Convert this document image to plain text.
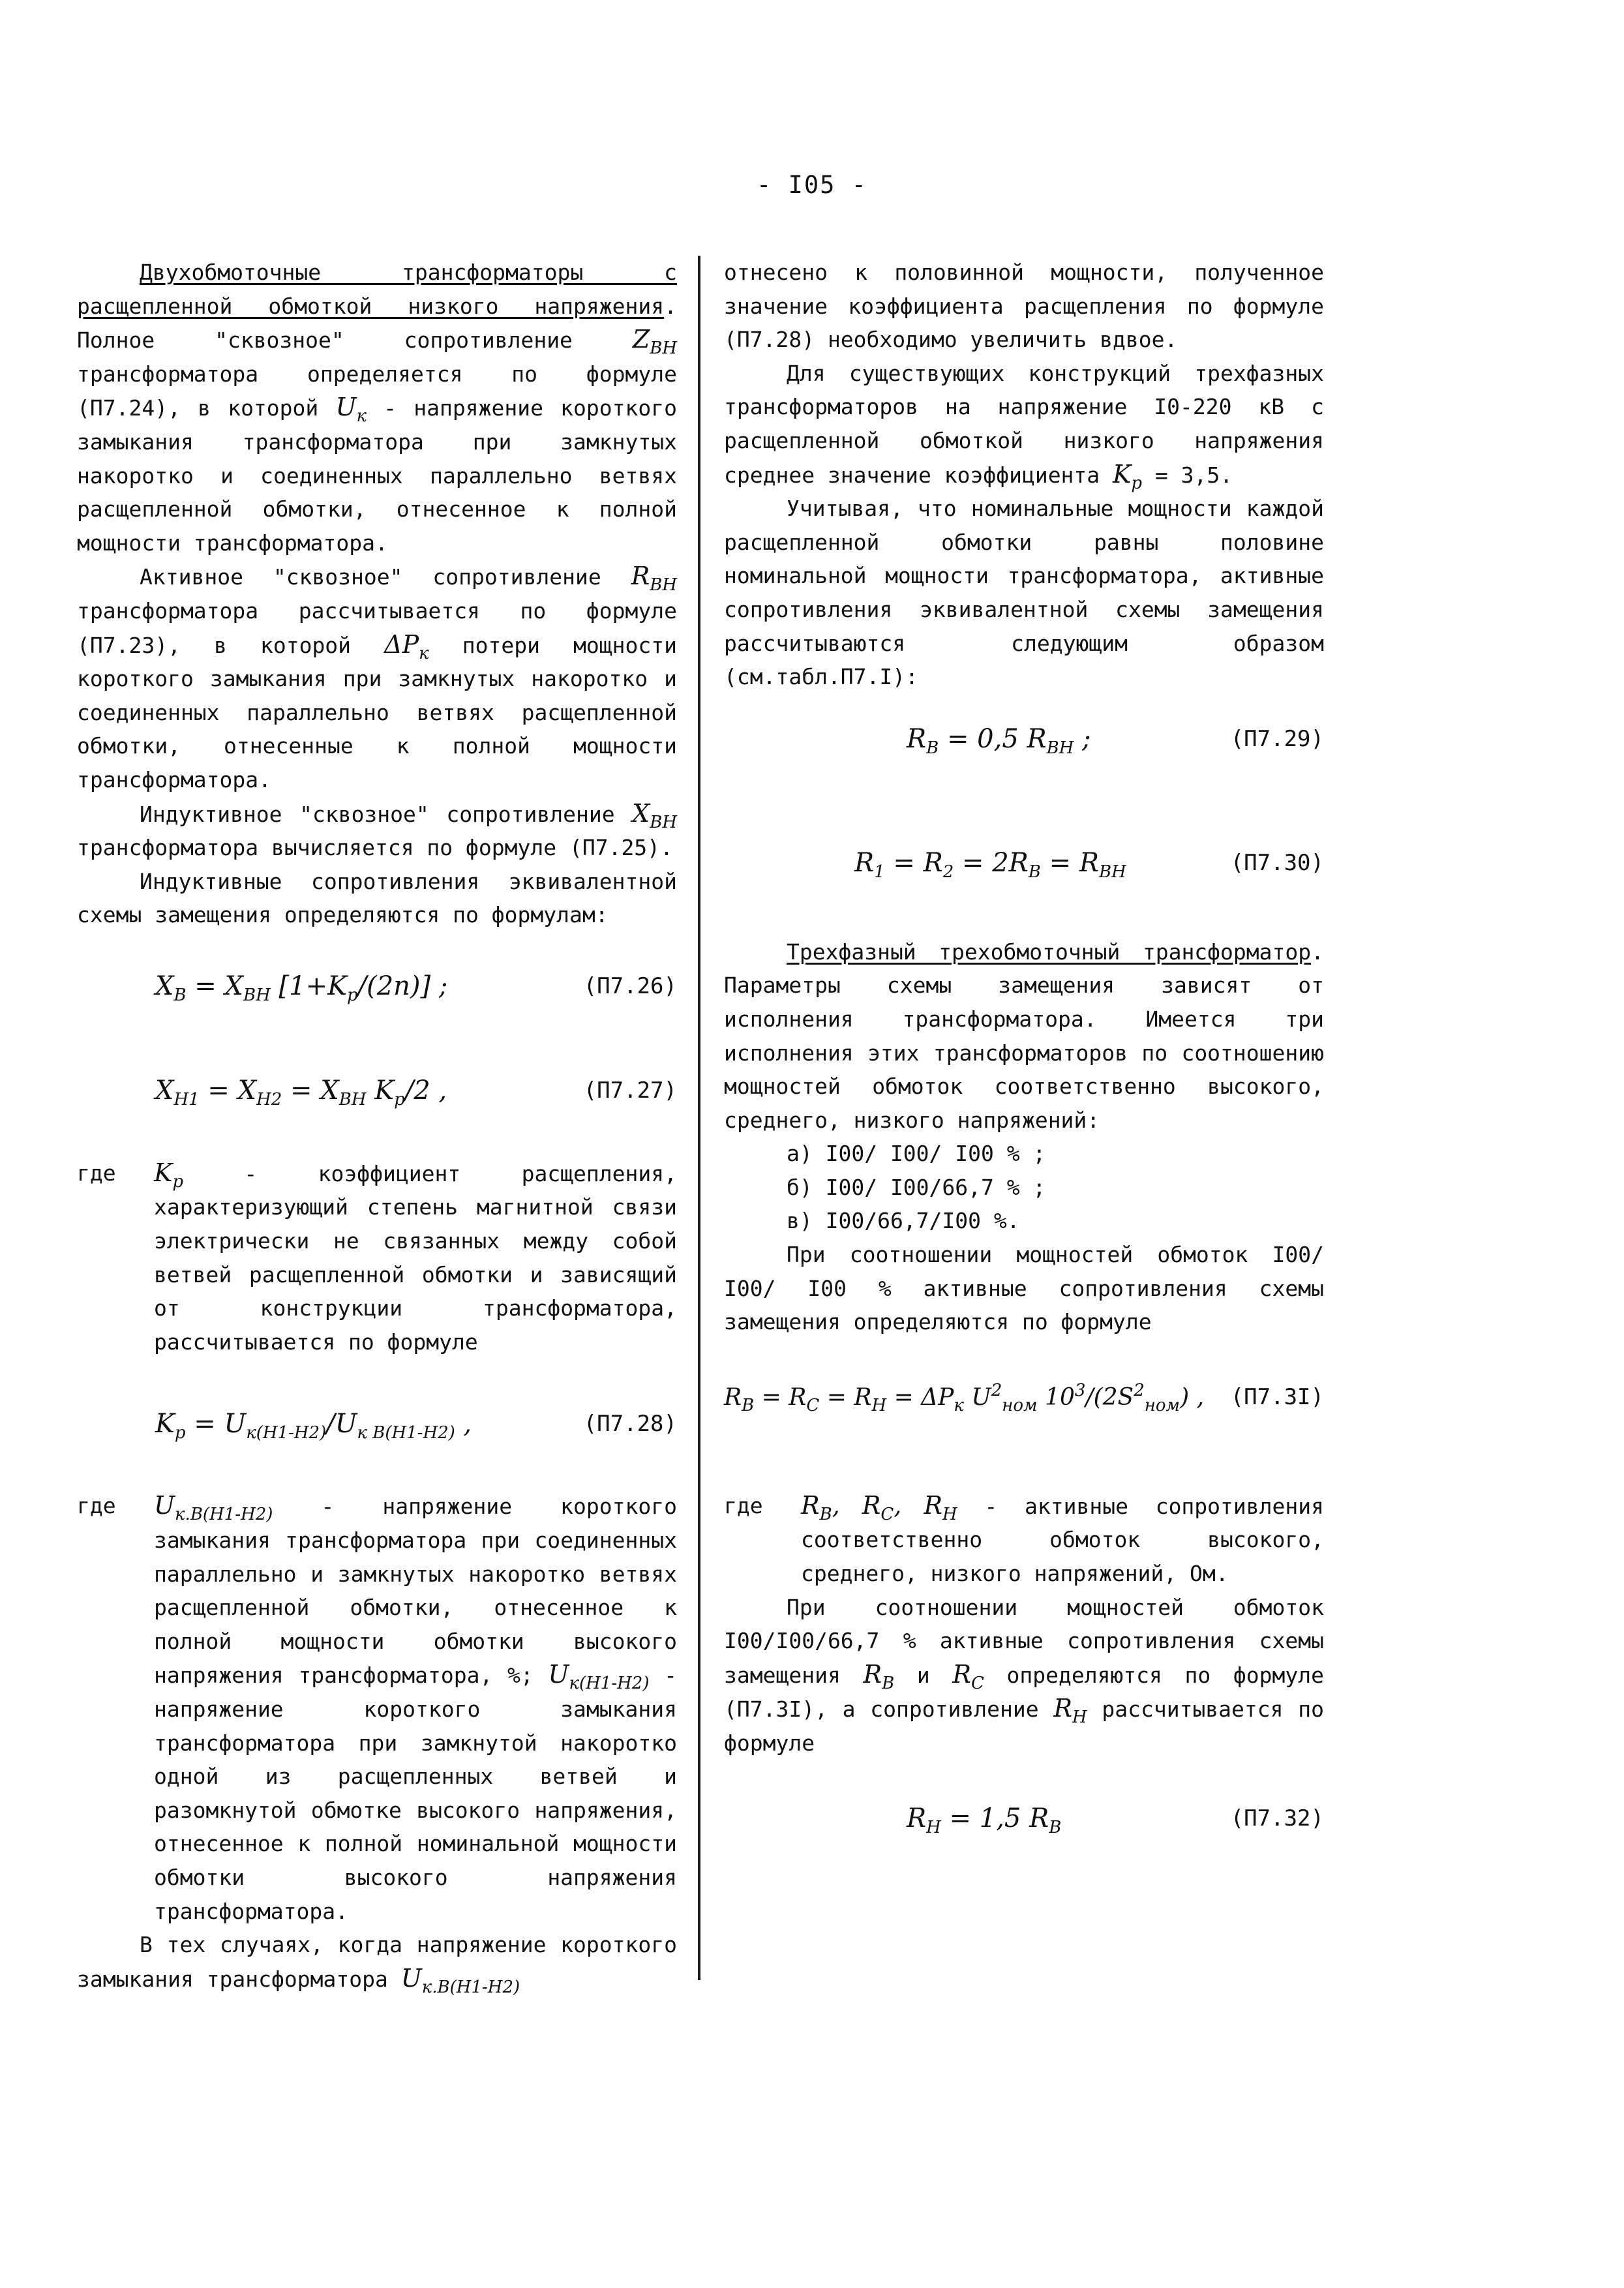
- I05 -

Двухобмоточные трансформаторы с расщепленной обмоткой низкого напряжения. Полное "сквозное" сопротивление $Z_{ВН}$ трансформатора определяется по формуле (П7.24), в которой $U_к$ - напряжение короткого замыкания трансформатора при замкнутых накоротко и соединенных параллельно ветвях расщепленной обмотки, отнесенное к полной мощности трансформатора.

Активное "сквозное" сопротивление $R_{ВН}$ трансформатора рассчитывается по формуле (П7.23), в которой $\Delta P_к$ потери мощности короткого замыкания при замкнутых накоротко и соединенных параллельно ветвях расщепленной обмотки, отнесенные к полной мощности трансформатора.

Индуктивное "сквозное" сопротивление $X_{ВН}$ трансформатора вычисляется по формуле (П7.25).

Индуктивные сопротивления эквивалентной схемы замещения определяются по формулам:

$X_В = X_{ВН}$ $[1+K_р/(2n)]$ ;	(П7.26)
$X_{Н1} = X_{Н2} = X_{ВН}$ $K_р/2$ ,	(П7.27)
где	$K_р$ - коэффициент расщепления, характеризующий степень магнитной связи электрически не связанных между собой ветвей расщепленной обмотки и зависящий от конструкции трансформатора, рассчитывается по формуле

$K_р = U_{к(Н1-Н2)}/U_{к В(Н1-Н2)}$ ,	(П7.28)
где	$U_{к.В(Н1-Н2)}$ - напряжение короткого замыкания трансформатора при соединенных параллельно и замкнутых накоротко ветвях расщепленной обмотки, отнесенное к полной мощности обмотки высокого напряжения трансформатора, %; $U_{к(Н1-Н2)}$ - напряжение короткого замыкания трансформатора при замкнутой накоротко одной из расщепленных ветвей и разомкнутой обмотке высокого напряжения, отнесенное к полной номинальной мощности обмотки высокого напряжения трансформатора.

В тех случаях, когда напряжение короткого замыкания трансформатора $U_{к.В(Н1-Н2)}$

отнесено к половинной мощности, полученное значение коэффициента расщепления по формуле (П7.28) необходимо увеличить вдвое.

Для существующих конструкций трехфазных трансформаторов на напряжение I0-220 кВ с расщепленной обмоткой низкого напряжения среднее значение коэффициента $K_р = 3,5$.

Учитывая, что номинальные мощности каждой расщепленной обмотки равны половине номинальной мощности трансформатора, активные сопротивления эквивалентной схемы замещения рассчитываются следующим образом (см.табл.П7.I):

$R_В = 0,5$ $R_{ВН}$ ;	(П7.29)
$R_1 = R_2 = 2R_В = R_{ВН}$	(П7.30)

Трехфазный трехобмоточный трансформатор. Параметры схемы замещения зависят от исполнения трансформатора. Имеется три исполнения этих трансформаторов по соотношению мощностей обмоток соответственно высокого, среднего, низкого напряжений:

а) I00/ I00/ I00 % ;

б) I00/ I00/66,7 % ;

в) I00/66,7/I00 %.

При соотношении мощностей обмоток I00/ I00/ I00 % активные сопротивления схемы замещения определяются по формуле

$R_В = R_С = R_Н = \Delta P_к$ $U^2_{ном}$ $10^3/(2S^2_{ном})$ , (П7.3I)
где	$R_В$, $R_С$, $R_Н$ - активные сопротивления соответственно обмоток высокого, среднего, низкого напряжений, Ом.

При соотношении мощностей обмоток I00/I00/66,7 % активные сопротивления схемы замещения $R_В$ и $R_С$ определяются по формуле (П7.3I), а сопротивление $R_Н$ рассчитывается по формуле

$R_Н = 1,5$ $R_В$	(П7.32)
